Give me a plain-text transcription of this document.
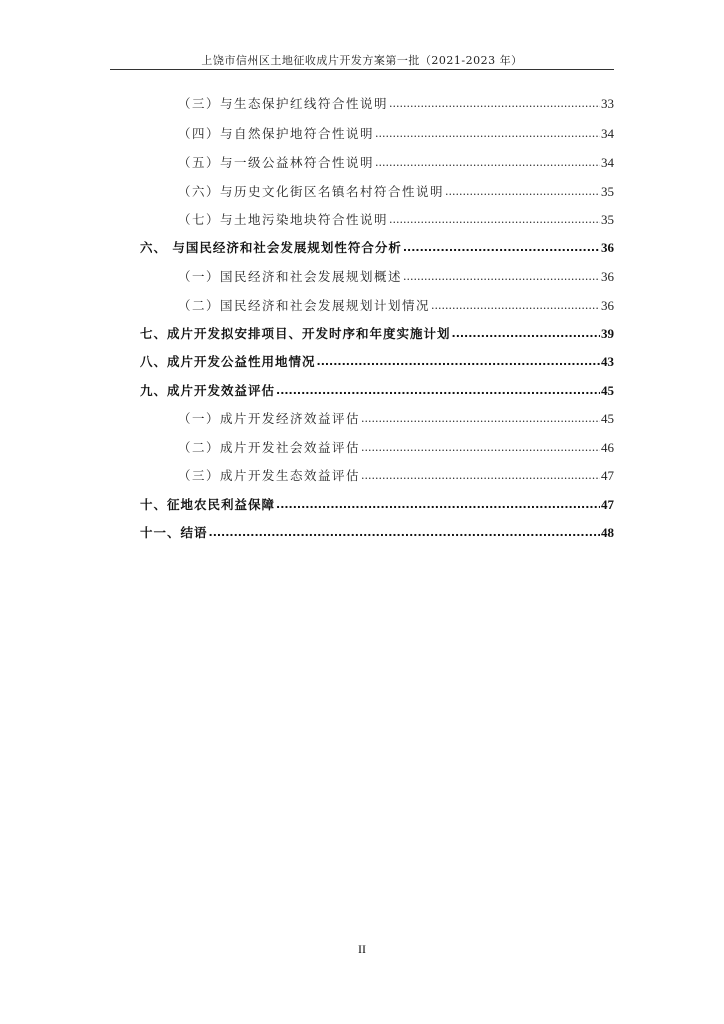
上饶市信州区土地征收成片开发方案第一批（2021-2023 年）
（三）与生态保护红线符合性说明 .....	33
（四）与自然保护地符合性说明 .....	34
（五）与一级公益林符合性说明 .....	34
（六）与历史文化街区名镇名村符合性说明 .....	35
（七）与土地污染地块符合性说明 .....	35
六、 与国民经济和社会发展规划性符合分析 .....	36
（一）国民经济和社会发展规划概述 .....	36
（二）国民经济和社会发展规划计划情况 .....	36
七、成片开发拟安排项目、开发时序和年度实施计划 .....	39
八、成片开发公益性用地情况 .....	43
九、成片开发效益评估 .....	45
（一）成片开发经济效益评估 .....	45
（二）成片开发社会效益评估 .....	46
（三）成片开发生态效益评估 .....	47
十、征地农民利益保障 .....	47
十一、结语 .....	48
II
